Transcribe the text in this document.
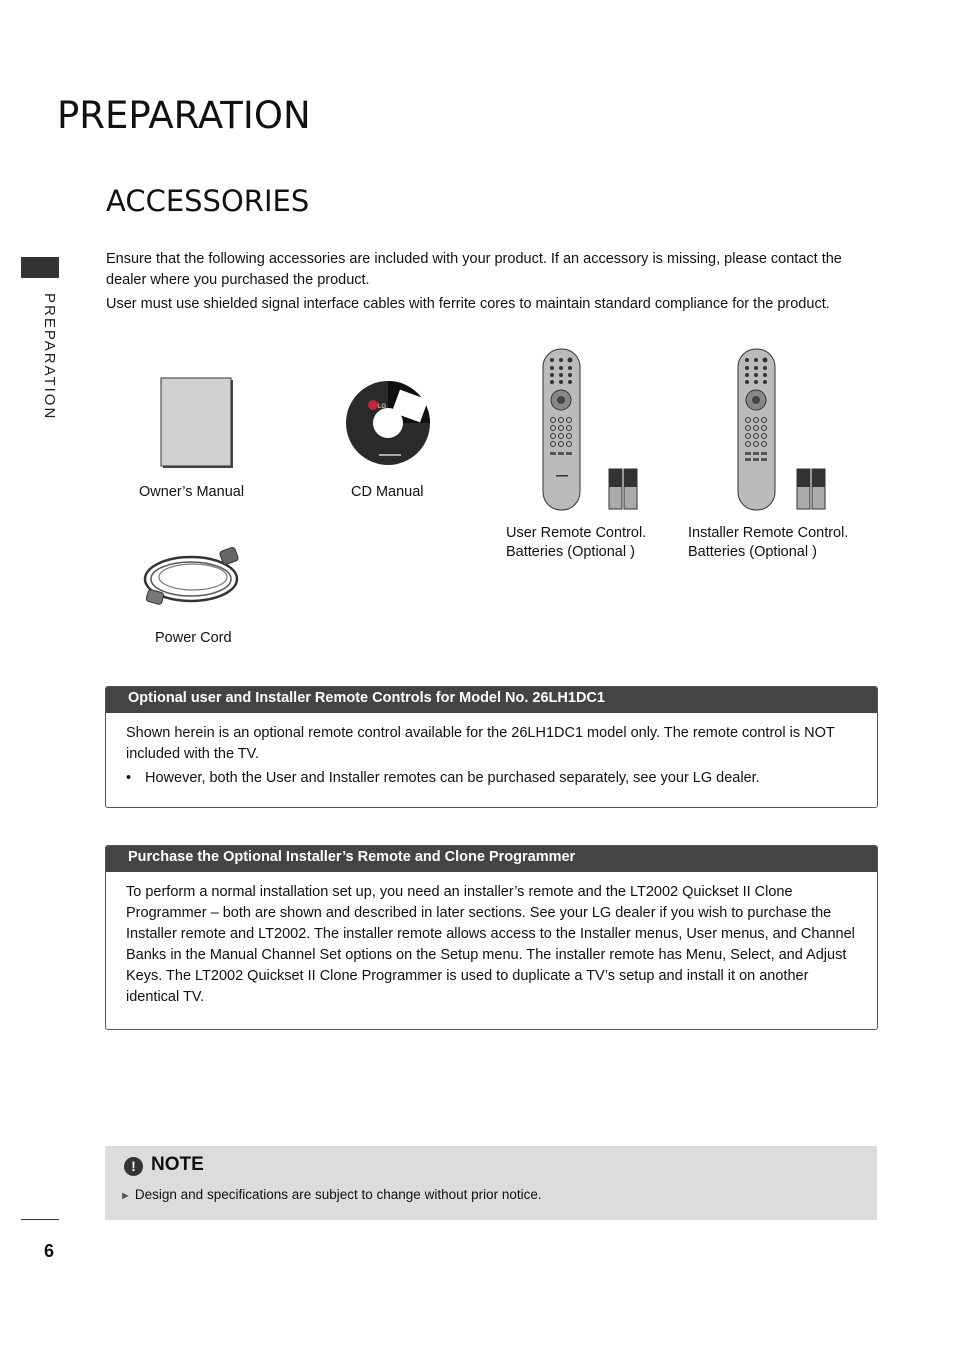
PREPARATION
ACCESSORIES
PREPARATION
Ensure that the following accessories are included with your product. If an accessory is missing, please contact the dealer where you purchased the product.
User must use shielded signal interface cables with ferrite cores to maintain standard compliance for the product.
Owner’s Manual
LG
CD Manual
User Remote Control.
Batteries (Optional )
Installer Remote Control.
Batteries (Optional )
Power Cord
Optional user and Installer Remote Controls for Model No. 26LH1DC1
Shown herein is an optional remote control available for the 26LH1DC1 model only. The remote control is NOT included with the TV.
• However, both the User and Installer remotes can be purchased separately, see your LG dealer.
Purchase the Optional Installer’s Remote and Clone Programmer
To perform a normal installation set up, you need an installer’s remote and the LT2002 Quickset II Clone Programmer – both are shown and described in later sections. See your LG dealer if you wish to purchase the Installer remote and LT2002. The installer remote allows access to the Installer menus, User menus, and Channel Banks in the Manual Channel Set options on the Setup menu. The installer remote has Menu, Select, and Adjust Keys. The LT2002 Quickset II Clone Programmer is used to duplicate a TV’s setup and install it on another identical TV.
! NOTE
► Design and specifications are subject to change without prior notice.
6
